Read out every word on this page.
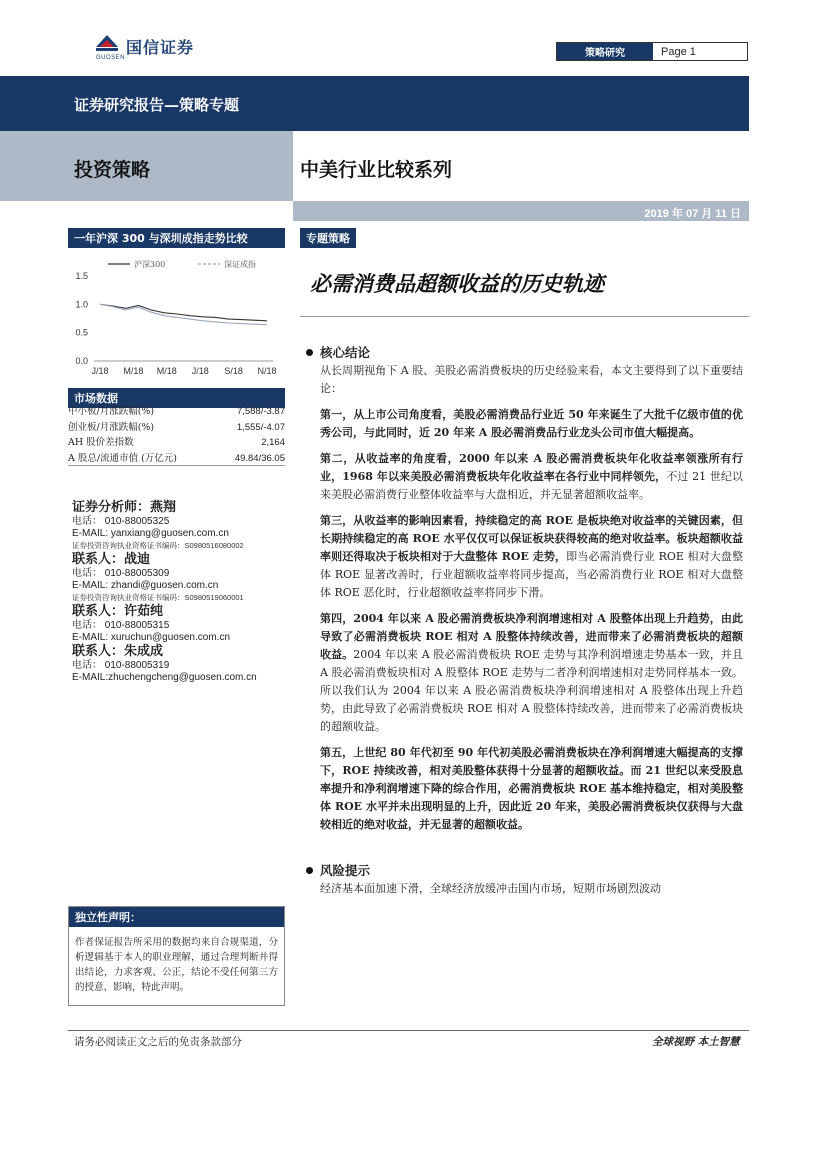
国信证券
GUOSEN	策略研究	Page 1
证券研究报告—策略专题
投资策略	中美行业比较系列
2019 年 07 月 11 日
一年沪深 300 与深圳成指走势比较
1.5
1.0
0.5
0.0
J/18 M/18 M/18 J/18 S/18 N/18
沪深300	深证成指
市场数据
中小板/月涨跌幅(%)	7,588/-3.87
创业板/月涨跌幅(%)	1,555/-4.07
AH 股价差指数	2,164
A 股总/流通市值 (万亿元)	49.84/36.05
证券分析师：燕翔
电话： 010-88005325
E-MAIL: yanxiang@guosen.com.cn
证券投资咨询执业资格证书编码：S0980516080002
联系人：战迪
电话： 010-88005309
E-MAIL: zhandi@guosen.com.cn
证券投资咨询执业资格证书编码：S0980519060001
联系人：许茹纯
电话： 010-88005315
E-MAIL: xuruchun@guosen.com.cn
联系人：朱成成
电话： 010-88005319
E-MAIL:zhuchengcheng@guosen.com.cn
独立性声明：
作者保证报告所采用的数据均来自合规渠道，分析逻辑基于本人的职业理解，通过合理判断并得出结论，力求客观、公正，结论不受任何第三方的授意、影响，特此声明。
专题策略
必需消费品超额收益的历史轨迹
核心结论
从长周期视角下 A 股、美股必需消费板块的历史经验来看，本文主要得到了以下重要结论：
第一，从上市公司角度看，美股必需消费品行业近 50 年来诞生了大批千亿级市值的优秀公司，与此同时，近 20 年来 A 股必需消费品行业龙头公司市值大幅提高。
第二，从收益率的角度看，2000 年以来 A 股必需消费板块年化收益率领涨所有行业，1968 年以来美股必需消费板块年化收益率在各行业中同样领先，不过 21 世纪以来美股必需消费行业整体收益率与大盘相近，并无显著超额收益率。
第三，从收益率的影响因素看，持续稳定的高 ROE 是板块绝对收益率的关键因素，但长期持续稳定的高 ROE 水平仅仅可以保证板块获得较高的绝对收益率。板块超额收益率则还得取决于板块相对于大盘整体 ROE 走势，即当必需消费行业 ROE 相对大盘整体 ROE 显著改善时，行业超额收益率将同步提高，当必需消费行业 ROE 相对大盘整体 ROE 恶化时，行业超额收益率将同步下滑。
第四，2004 年以来 A 股必需消费板块净利润增速相对 A 股整体出现上升趋势，由此导致了必需消费板块 ROE 相对 A 股整体持续改善，进而带来了必需消费板块的超额收益。2004 年以来 A 股必需消费板块 ROE 走势与其净利润增速走势基本一致，并且 A 股必需消费板块相对 A 股整体 ROE 走势与二者净利润增速相对走势同样基本一致。所以我们认为 2004 年以来 A 股必需消费板块净利润增速相对 A 股整体出现上升趋势，由此导致了必需消费板块 ROE 相对 A 股整体持续改善，进而带来了必需消费板块的超额收益。
第五，上世纪 80 年代初至 90 年代初美股必需消费板块在净利润增速大幅提高的支撑下，ROE 持续改善，相对美股整体获得十分显著的超额收益。而 21 世纪以来受股息率提升和净利润增速下降的综合作用，必需消费板块 ROE 基本维持稳定，相对美股整体 ROE 水平并未出现明显的上升，因此近 20 年来，美股必需消费板块仅获得与大盘较相近的绝对收益，并无显著的超额收益。
风险提示
经济基本面加速下滑，全球经济放缓冲击国内市场，短期市场剧烈波动
请务必阅读正文之后的免责条款部分	全球视野 本土智慧
